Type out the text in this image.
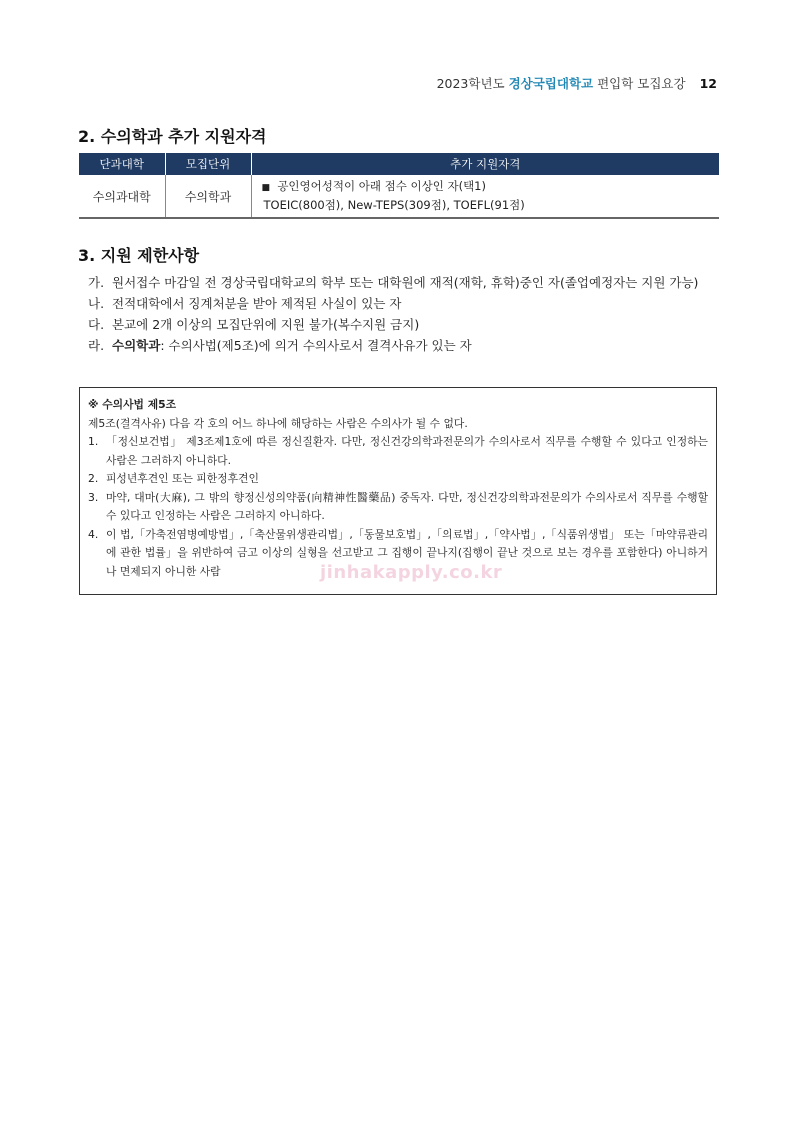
2023학년도 경상국립대학교 편입학 모집요강 12
2. 수의학과 추가 지원자격
단과대학	모집단위	추가 지원자격
수의과대학	수의학과	■ 공인영어성적이 아래 점수 이상인 자(택1)
TOEIC(800점), New-TEPS(309점), TOEFL(91점)
3. 지원 제한사항
가. 원서접수 마감일 전 경상국립대학교의 학부 또는 대학원에 재적(재학, 휴학)중인 자(졸업예정자는 지원 가능)
나. 전적대학에서 징계처분을 받아 제적된 사실이 있는 자
다. 본교에 2개 이상의 모집단위에 지원 불가(복수지원 금지)
라. 수의학과: 수의사법(제5조)에 의거 수의사로서 결격사유가 있는 자
※ 수의사법 제5조
제5조(결격사유) 다음 각 호의 어느 하나에 해당하는 사람은 수의사가 될 수 없다.
1. 「정신보건법」 제3조제1호에 따른 정신질환자. 다만, 정신건강의학과전문의가 수의사로서 직무를 수행할 수 있다고 인정하는 사람은 그러하지 아니하다.
2. 피성년후견인 또는 피한정후견인
3. 마약, 대마(大麻), 그 밖의 향정신성의약품(向精神性醫藥品) 중독자. 다만, 정신건강의학과전문의가 수의사로서 직무를 수행할 수 있다고 인정하는 사람은 그러하지 아니하다.
4. 이 법,「가축전염병예방법」,「축산물위생관리법」,「동물보호법」,「의료법」,「약사법」,「식품위생법」 또는「마약류관리에 관한 법률」을 위반하여 금고 이상의 실형을 선고받고 그 집행이 끝나지(집행이 끝난 것으로 보는 경우를 포함한다) 아니하거나 면제되지 아니한 사람	jinhakapply.co.kr
